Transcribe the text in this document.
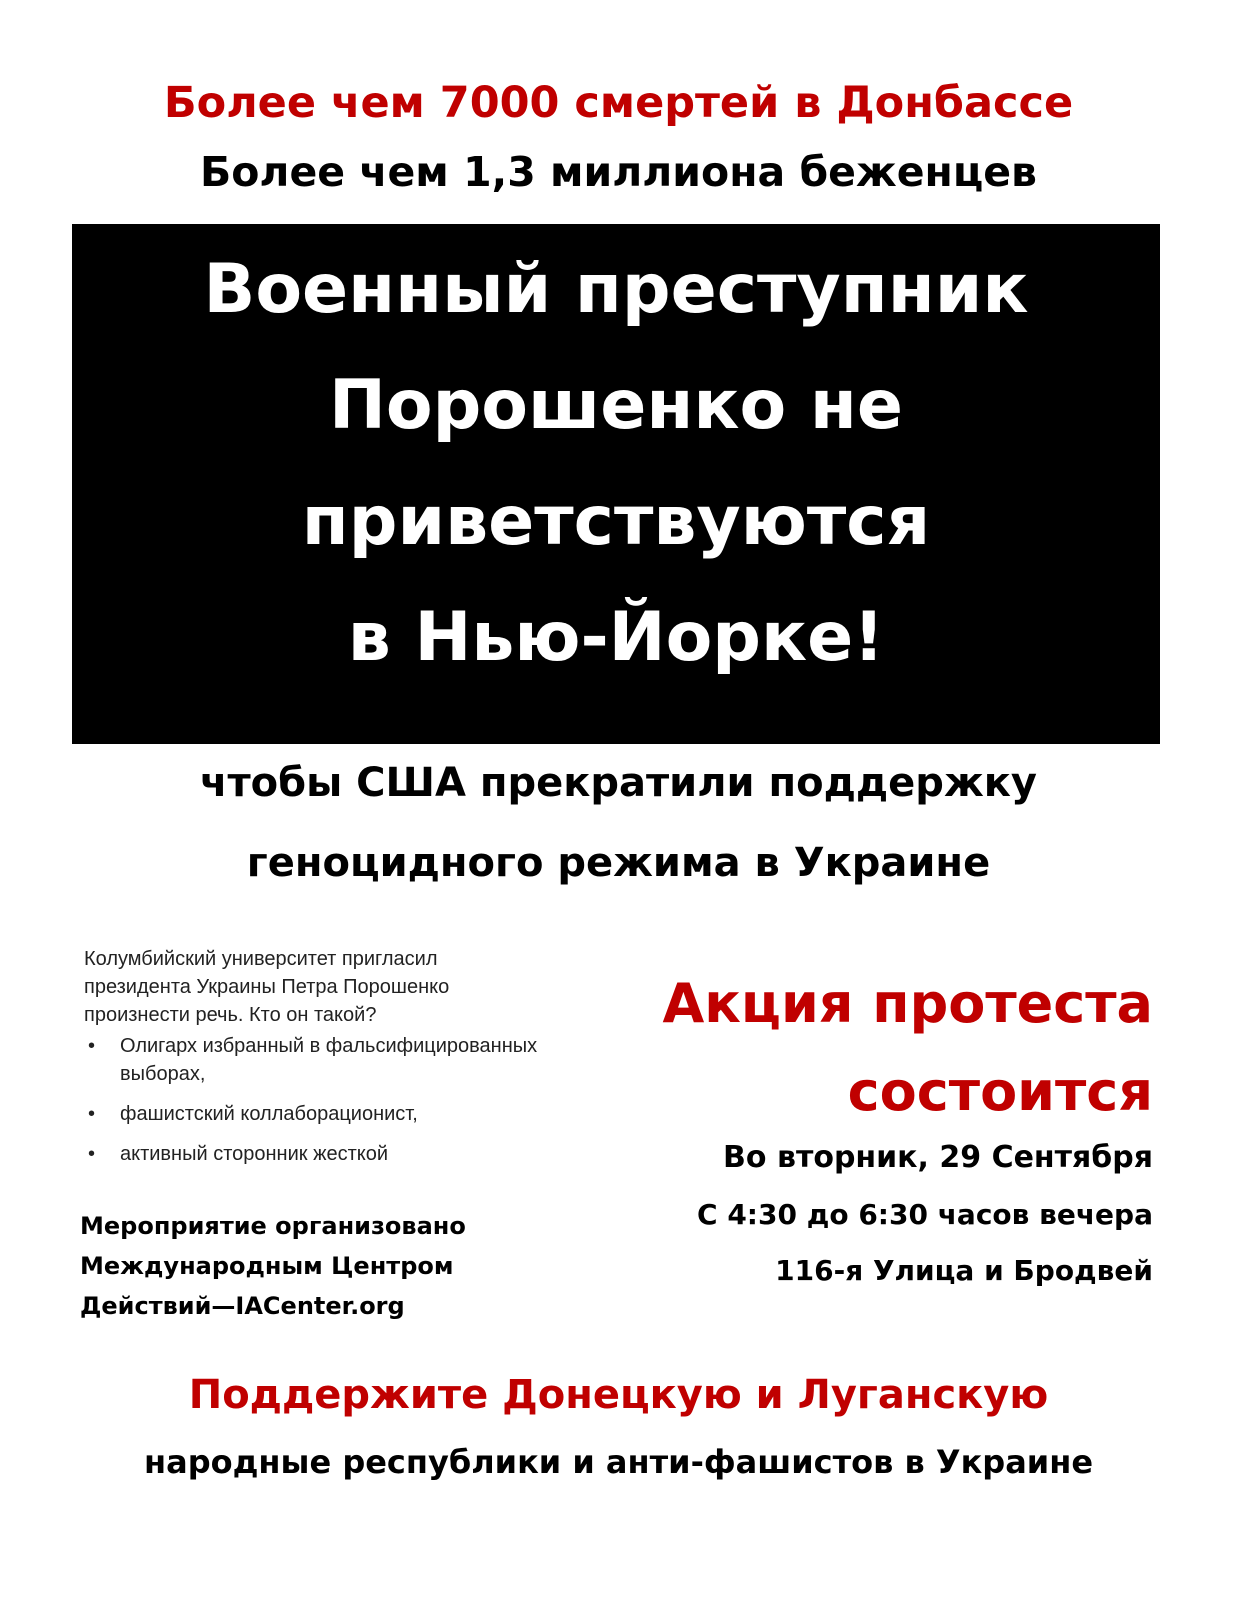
Более чем 7000 смертей в Донбассе
Более чем 1,3 миллиона беженцев
Военный преступник
Порошенко не
приветствуются
в Нью-Йорке!
чтобы США прекратили поддержку
геноцидного режима в Украине
Колумбийский университет пригласил президента Украины Петра Порошенко произнести речь. Кто он такой?
• Олигарх избранный в фальсифицированных выборах,
• фашистский коллаборационист,
• активный сторонник жесткой
Мероприятие организовано
Международным Центром
Действий—IACenter.org
Акция протеста
состоится
Во вторник, 29 Сентября
С 4:30 до 6:30 часов вечера
116-я Улица и Бродвей
Поддержите Донецкую и Луганскую
народные республики и анти-фашистов в Украине
